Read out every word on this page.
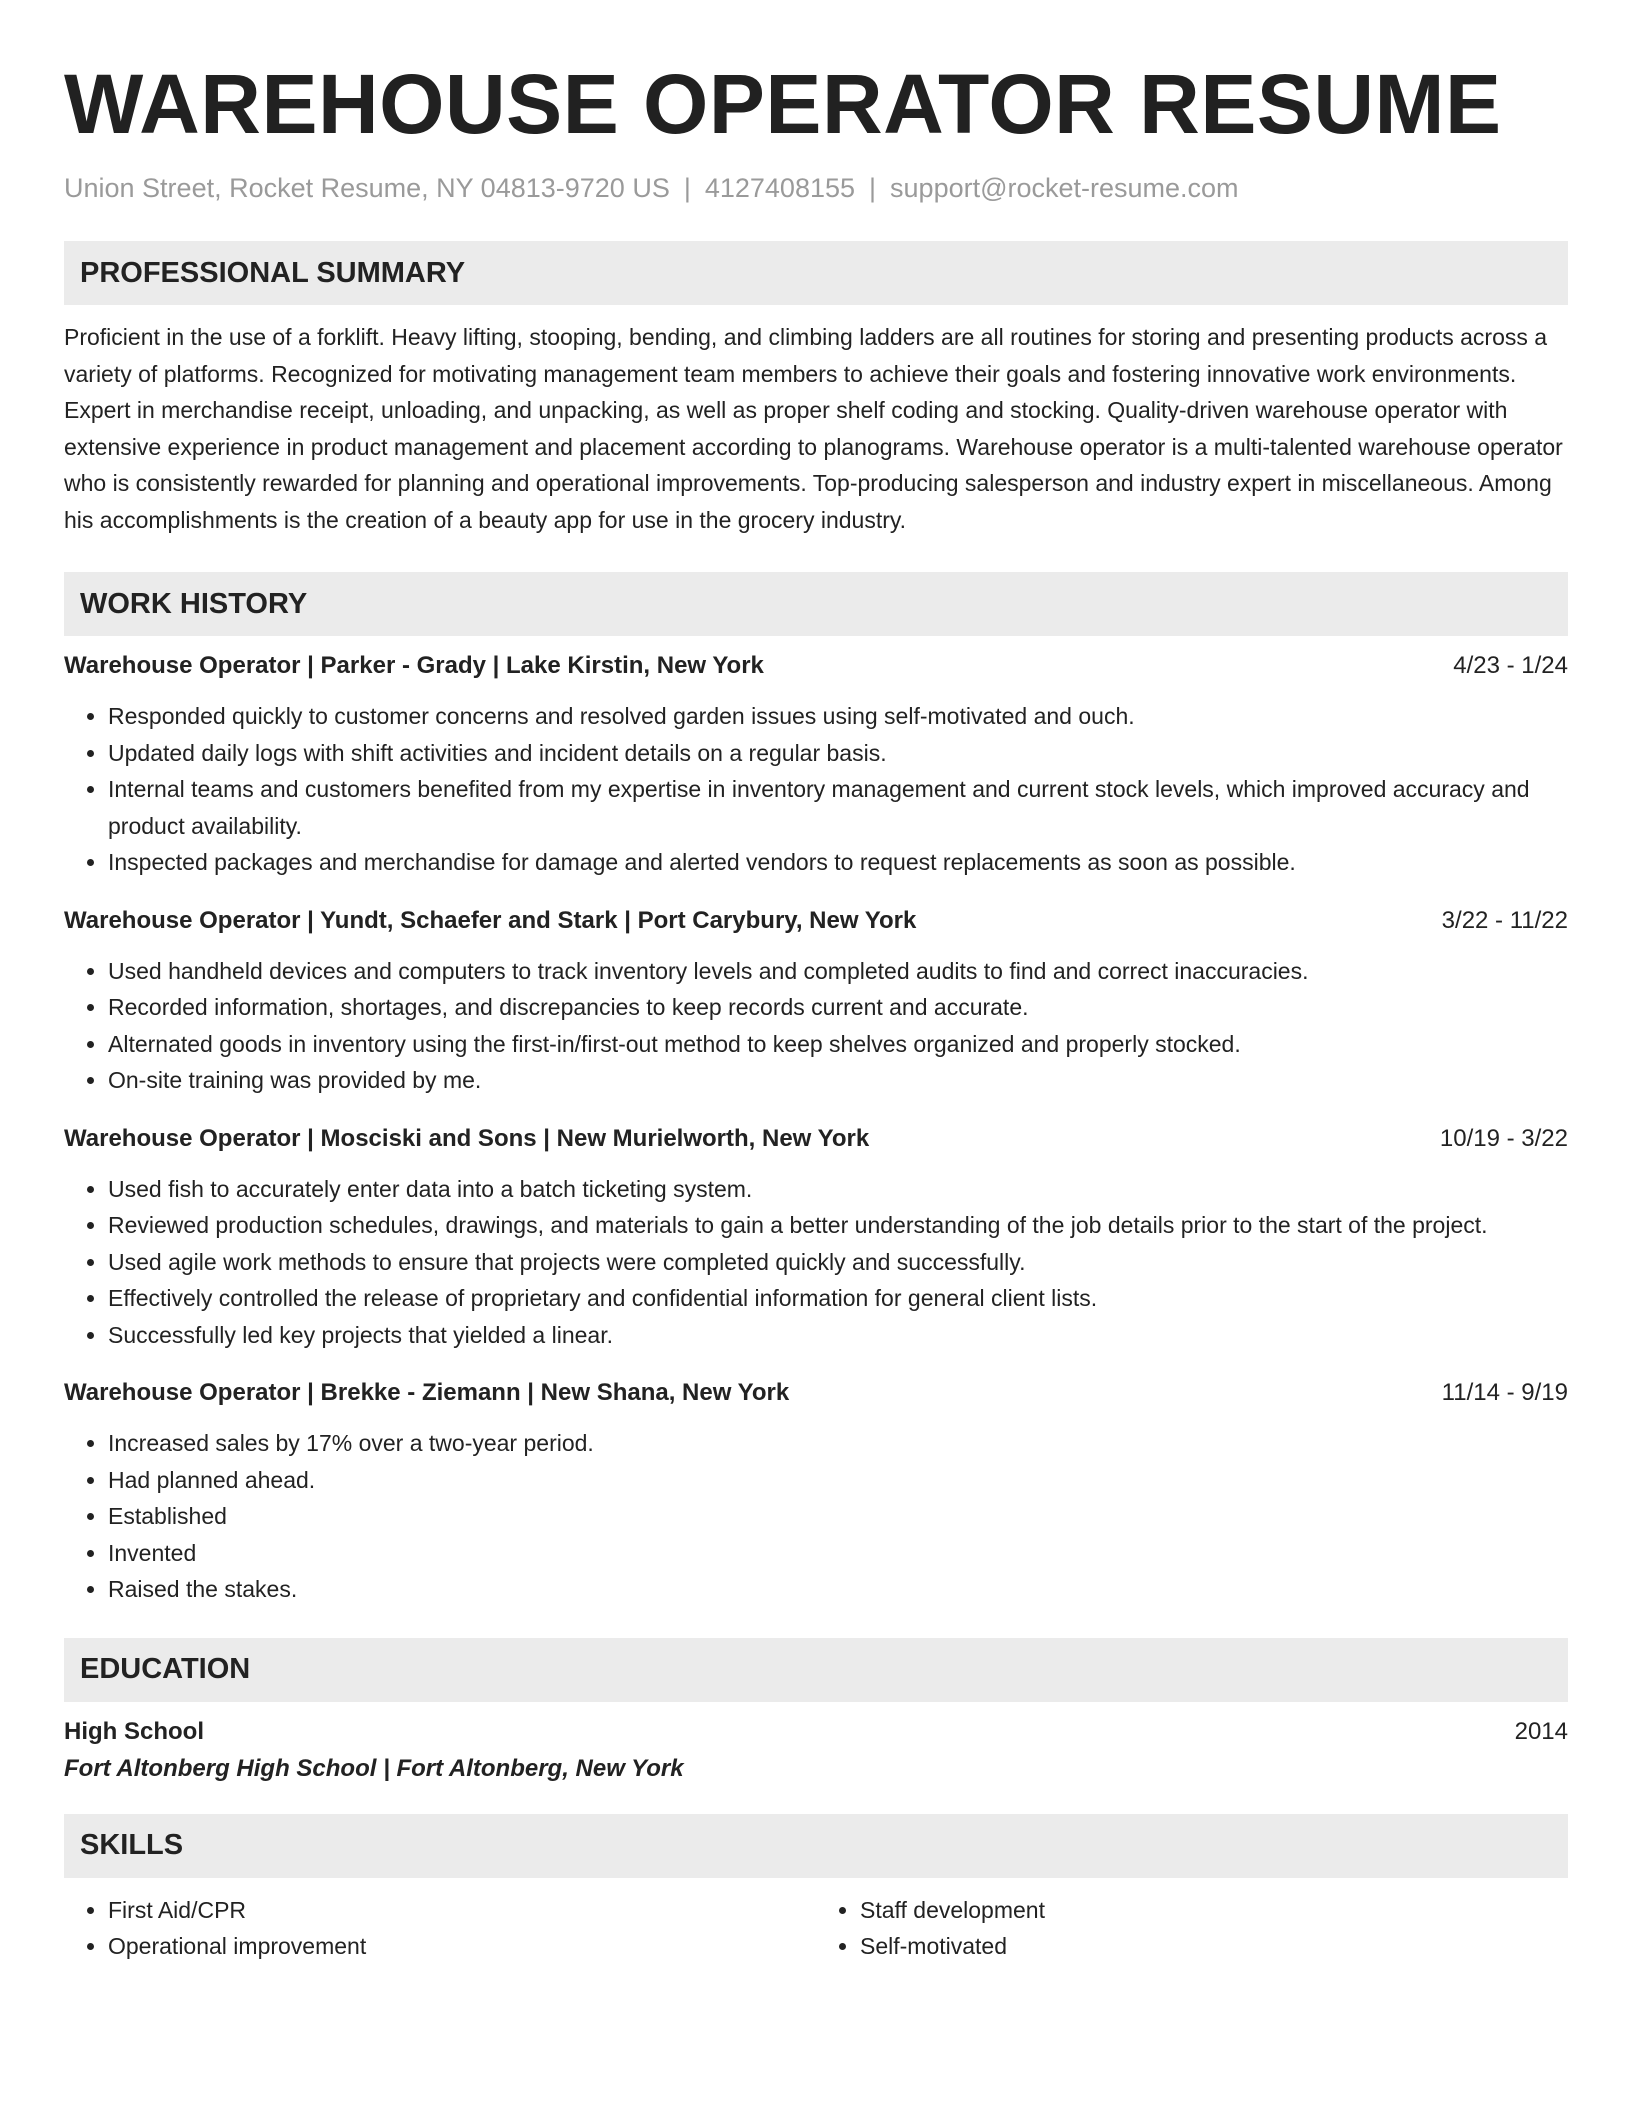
WAREHOUSE OPERATOR RESUME
Union Street, Rocket Resume, NY 04813-9720 US | 4127408155 | support@rocket-resume.com
PROFESSIONAL SUMMARY
Proficient in the use of a forklift. Heavy lifting, stooping, bending, and climbing ladders are all routines for storing and presenting products across a variety of platforms. Recognized for motivating management team members to achieve their goals and fostering innovative work environments. Expert in merchandise receipt, unloading, and unpacking, as well as proper shelf coding and stocking. Quality-driven warehouse operator with extensive experience in product management and placement according to planograms. Warehouse operator is a multi-talented warehouse operator who is consistently rewarded for planning and operational improvements. Top-producing salesperson and industry expert in miscellaneous. Among his accomplishments is the creation of a beauty app for use in the grocery industry.
WORK HISTORY
Warehouse Operator | Parker - Grady | Lake Kirstin, New York	4/23 - 1/24
• Responded quickly to customer concerns and resolved garden issues using self-motivated and ouch.
• Updated daily logs with shift activities and incident details on a regular basis.
• Internal teams and customers benefited from my expertise in inventory management and current stock levels, which improved accuracy and product availability.
• Inspected packages and merchandise for damage and alerted vendors to request replacements as soon as possible.
Warehouse Operator | Yundt, Schaefer and Stark | Port Carybury, New York	3/22 - 11/22
• Used handheld devices and computers to track inventory levels and completed audits to find and correct inaccuracies.
• Recorded information, shortages, and discrepancies to keep records current and accurate.
• Alternated goods in inventory using the first-in/first-out method to keep shelves organized and properly stocked.
• On-site training was provided by me.
Warehouse Operator | Mosciski and Sons | New Murielworth, New York	10/19 - 3/22
• Used fish to accurately enter data into a batch ticketing system.
• Reviewed production schedules, drawings, and materials to gain a better understanding of the job details prior to the start of the project.
• Used agile work methods to ensure that projects were completed quickly and successfully.
• Effectively controlled the release of proprietary and confidential information for general client lists.
• Successfully led key projects that yielded a linear.
Warehouse Operator | Brekke - Ziemann | New Shana, New York	11/14 - 9/19
• Increased sales by 17% over a two-year period.
• Had planned ahead.
• Established
• Invented
• Raised the stakes.
EDUCATION
High School	2014
Fort Altonberg High School | Fort Altonberg, New York
SKILLS
• First Aid/CPR
• Operational improvement
• Staff development
• Self-motivated
